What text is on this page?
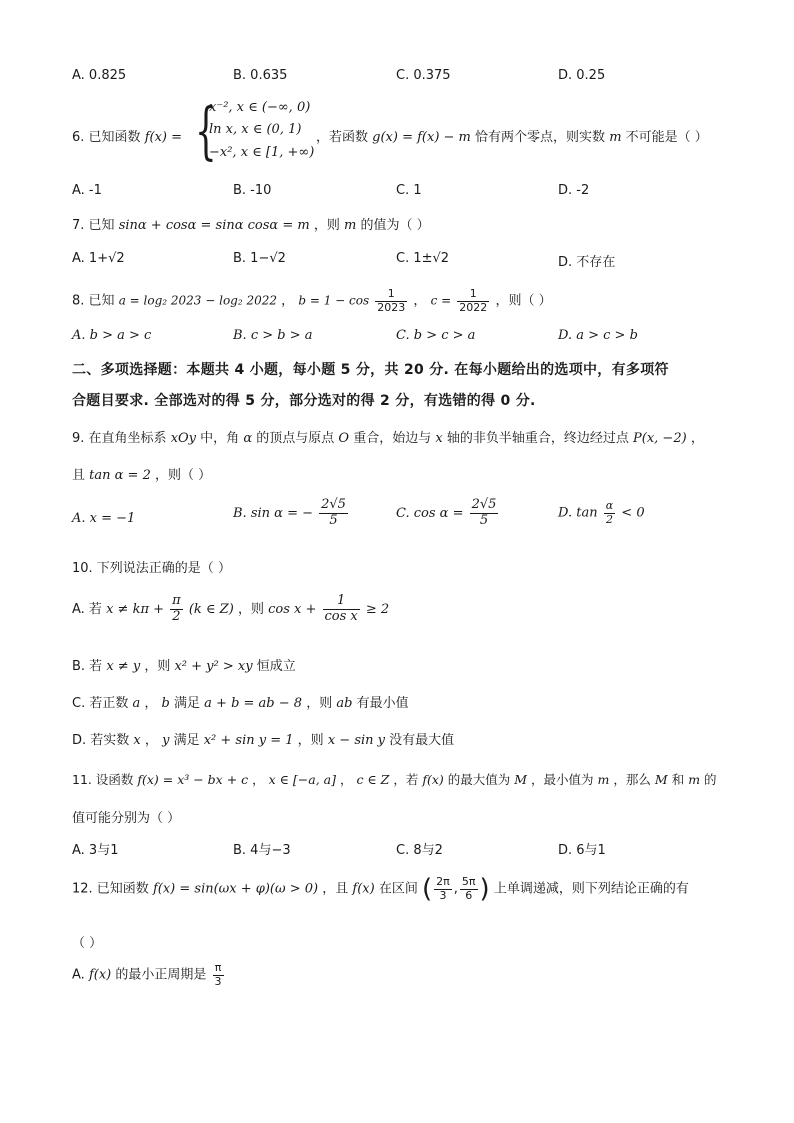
A. 0.825	B. 0.635	C. 0.375	D. 0.25
6. 已知函数 f(x) = {
x⁻², x ∈ (−∞, 0)
ln x, x ∈ (0, 1)
−x², x ∈ [1, +∞)
，若函数 g(x) = f(x) − m 恰有两个零点，则实数 m 不可能是（ ）
A. -1	B. -10	C. 1	D. -2
7. 已知 sinα + cosα = sinα cosα = m ，则 m 的值为（ ）
A. 1+√2	B. 1−√2	C. 1±√2	D. 不存在
8. 已知 a = log₂ 2023 − log₂ 2022 ， $b = 1 - \cos \frac{1}{2023}$ ， $c = \frac{1}{2022}$ ，则（ ）
A. b > a > c	B. c > b > a	C. b > c > a	D. a > c > b
二、多项选择题：本题共 4 小题，每小题 5 分，共 20 分. 在每小题给出的选项中，有多项符
合题目要求. 全部选对的得 5 分，部分选对的得 2 分，有选错的得 0 分.
9. 在直角坐标系 xOy 中，角 α 的顶点与原点 O 重合，始边与 x 轴的非负半轴重合，终边经过点 P(x, −2) ，
且 tan α = 2 ，则（ ）
A. x = −1	B. sin α = − $\frac{2√5}{5}$	C. $\cos \alpha = \frac{2√5}{5}$	D. $\tan \frac{\alpha}{2} < 0$
10. 下列说法正确的是（ ）
A. 若 $x \ne k\pi + \frac{\pi}{2} (k$ ∈ Z) ，则 $\cos x + \frac{1}{\text{cos x}} \ge 2$
B. 若 x ≠ y ，则 x² + y² > xy 恒成立
C. 若正数 a ， b 满足 a + b = ab − 8 ，则 ab 有最小值
D. 若实数 x ， y 满足 x² + sin y = 1 ，则 x − sin y 没有最大值
11. 设函数 f(x) = x³ − bx + c ， x ∈ [−a, a] ， c ∈ Z ，若 f(x) 的最大值为 M ，最小值为 m ，那么 M 和 m 的
值可能分别为（ ）
A. 3与1	B. 4与−3	C. 8与2	D. 6与1
12. 已知函数 f(x) = sin(ωx + φ)(ω > 0) ，且 f(x) 在区间 ( $\frac{2\pi}{3}$ , $\frac{5\pi}{6}$ ) 上单调递减，则下列结论正确的有
（ ）
A. f(x) 的最小正周期是 $\frac{\pi}{3}$
